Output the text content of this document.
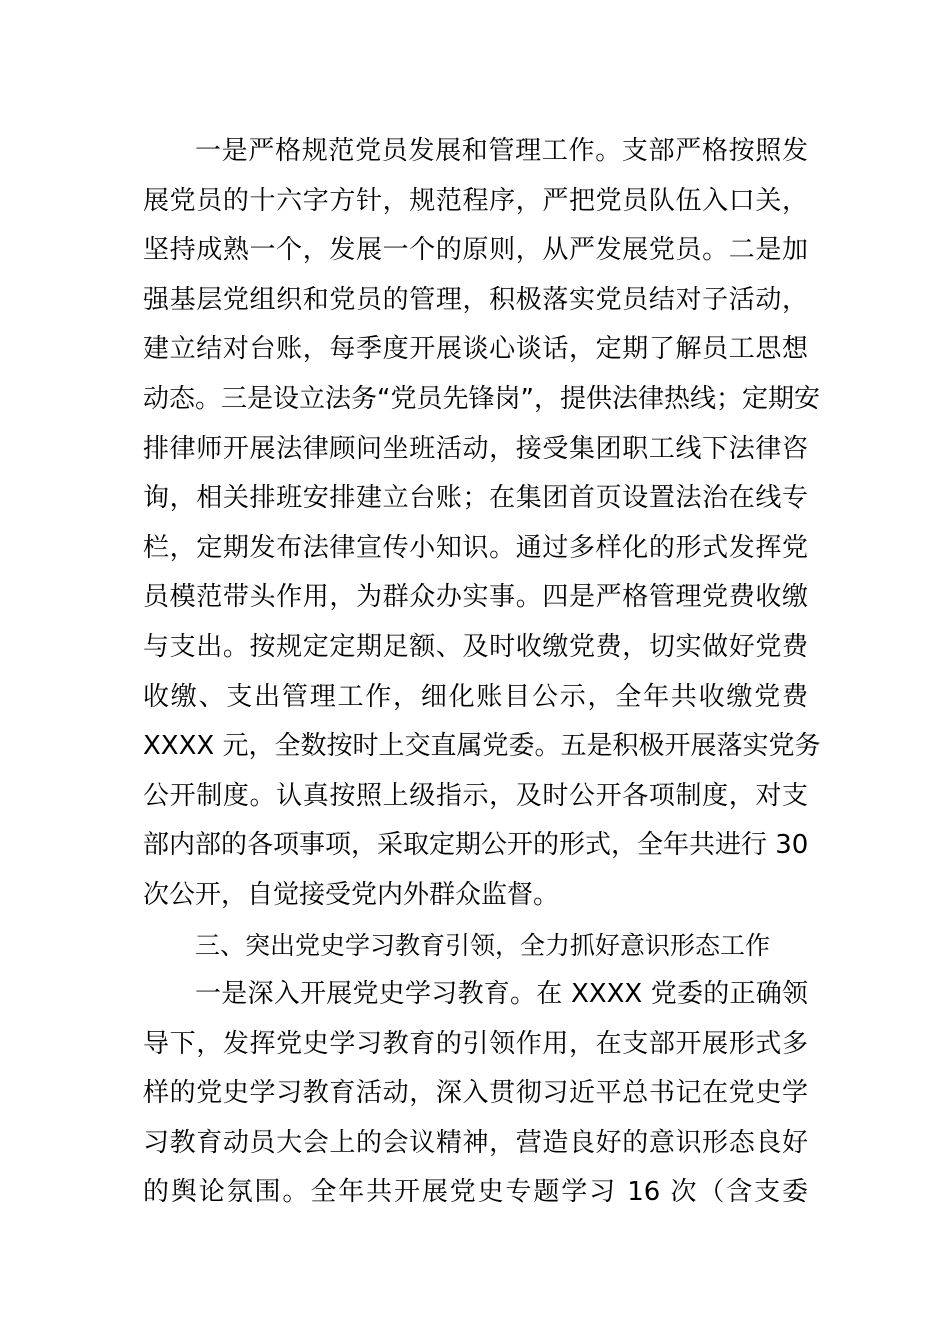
一是严格规范党员发展和管理工作。支部严格按照发
展党员的十六字方针，规范程序，严把党员队伍入口关，
坚持成熟一个，发展一个的原则，从严发展党员。二是加
强基层党组织和党员的管理，积极落实党员结对子活动，
建立结对台账，每季度开展谈心谈话，定期了解员工思想
动态。三是设立法务“党员先锋岗”，提供法律热线；定期安
排律师开展法律顾问坐班活动，接受集团职工线下法律咨
询，相关排班安排建立台账；在集团首页设置法治在线专
栏，定期发布法律宣传小知识。通过多样化的形式发挥党
员模范带头作用，为群众办实事。四是严格管理党费收缴
与支出。按规定定期足额、及时收缴党费，切实做好党费
收缴、支出管理工作，细化账目公示，全年共收缴党费
XXXX 元，全数按时上交直属党委。五是积极开展落实党务
公开制度。认真按照上级指示，及时公开各项制度，对支
部内部的各项事项，采取定期公开的形式，全年共进行 30
次公开，自觉接受党内外群众监督。
三、突出党史学习教育引领，全力抓好意识形态工作
一是深入开展党史学习教育。在 XXXX 党委的正确领
导下，发挥党史学习教育的引领作用，在支部开展形式多
样的党史学习教育活动，深入贯彻习近平总书记在党史学
习教育动员大会上的会议精神，营造良好的意识形态良好
的舆论氛围。全年共开展党史专题学习 16 次（含支委
